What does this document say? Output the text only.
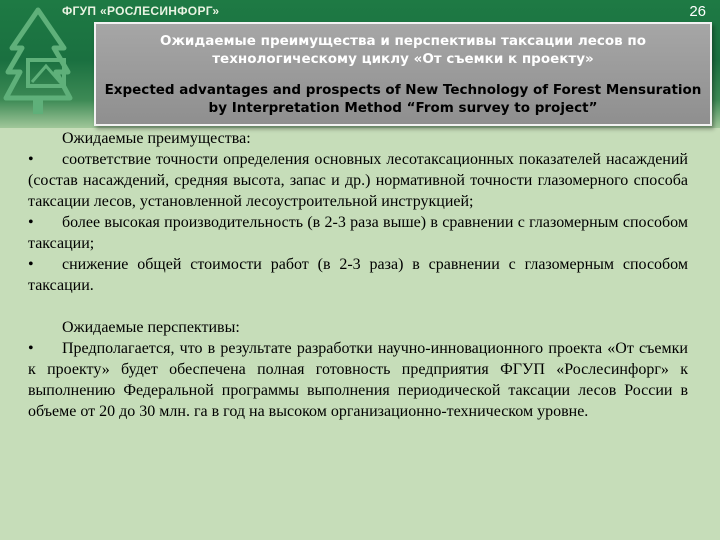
ФГУП «РОСЛЕСИНФОРГ»	26
Ожидаемые преимущества и перспективы таксации лесов по технологическому циклу «От съемки к проекту»
Expected advantages and prospects of New Technology of Forest Mensuration by Interpretation Method “From survey to project”
Ожидаемые преимущества:
• соответствие точности определения основных лесотаксационных показателей насаждений (состав насаждений, средняя высота, запас и др.) нормативной точности глазомерного способа таксации лесов, установленной лесоустроительной инструкцией;
• более высокая производительность (в 2-3 раза выше) в сравнении с глазомерным способом таксации;
• снижение общей стоимости работ (в 2-3 раза) в сравнении с глазомерным способом таксации.
Ожидаемые перспективы:
• Предполагается, что в результате разработки научно-инновационного проекта «От съемки к проекту» будет обеспечена полная готовность предприятия ФГУП «Рослесинфорг» к выполнению Федеральной программы выполнения периодической таксации лесов России в объеме от 20 до 30 млн. га в год на высоком организационно-техническом уровне.
